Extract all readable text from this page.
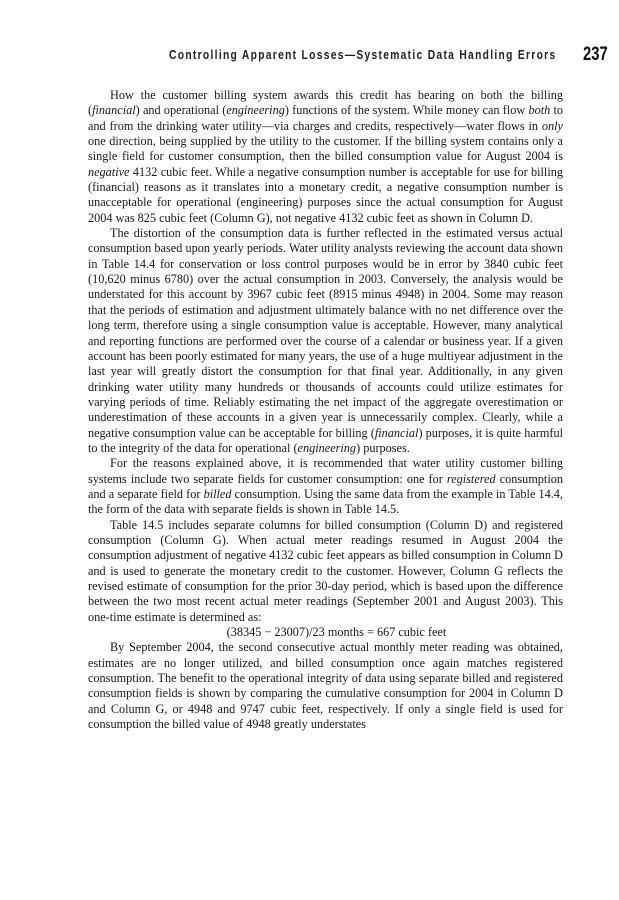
Controlling Apparent Losses—Systematic Data Handling Errors 237

How the customer billing system awards this credit has bearing on both the billing (financial) and operational (engineering) functions of the system. While money can flow both to and from the drinking water utility—via charges and credits, respectively—water flows in only one direction, being supplied by the utility to the customer. If the billing system contains only a single field for customer consumption, then the billed consumption value for August 2004 is negative 4132 cubic feet. While a negative consumption number is acceptable for use for billing (financial) reasons as it translates into a monetary credit, a negative consumption number is unacceptable for operational (engineering) purposes since the actual consumption for August 2004 was 825 cubic feet (Column G), not negative 4132 cubic feet as shown in Column D.

The distortion of the consumption data is further reflected in the estimated versus actual consumption based upon yearly periods. Water utility analysts reviewing the account data shown in Table 14.4 for conservation or loss control purposes would be in error by 3840 cubic feet (10,620 minus 6780) over the actual consumption in 2003. Conversely, the analysis would be understated for this account by 3967 cubic feet (8915 minus 4948) in 2004. Some may reason that the periods of estimation and adjustment ultimately balance with no net difference over the long term, therefore using a single consumption value is acceptable. However, many analytical and reporting functions are performed over the course of a calendar or business year. If a given account has been poorly estimated for many years, the use of a huge multiyear adjustment in the last year will greatly distort the consumption for that final year. Additionally, in any given drinking water utility many hundreds or thousands of accounts could utilize estimates for varying periods of time. Reliably estimating the net impact of the aggregate overestimation or underestimation of these accounts in a given year is unnecessarily complex. Clearly, while a negative consumption value can be acceptable for billing (financial) purposes, it is quite harmful to the integrity of the data for operational (engineering) purposes.

For the reasons explained above, it is recommended that water utility customer billing systems include two separate fields for customer consumption: one for registered consumption and a separate field for billed consumption. Using the same data from the example in Table 14.4, the form of the data with separate fields is shown in Table 14.5.

Table 14.5 includes separate columns for billed consumption (Column D) and registered consumption (Column G). When actual meter readings resumed in August 2004 the consumption adjustment of negative 4132 cubic feet appears as billed consumption in Column D and is used to generate the monetary credit to the customer. However, Column G reflects the revised estimate of consumption for the prior 30-day period, which is based upon the difference between the two most recent actual meter readings (September 2001 and August 2003). This one-time estimate is determined as:

(38345 − 23007)/23 months = 667 cubic feet

By September 2004, the second consecutive actual monthly meter reading was obtained, estimates are no longer utilized, and billed consumption once again matches registered consumption. The benefit to the operational integrity of data using separate billed and registered consumption fields is shown by comparing the cumulative consumption for 2004 in Column D and Column G, or 4948 and 9747 cubic feet, respectively. If only a single field is used for consumption the billed value of 4948 greatly understates
